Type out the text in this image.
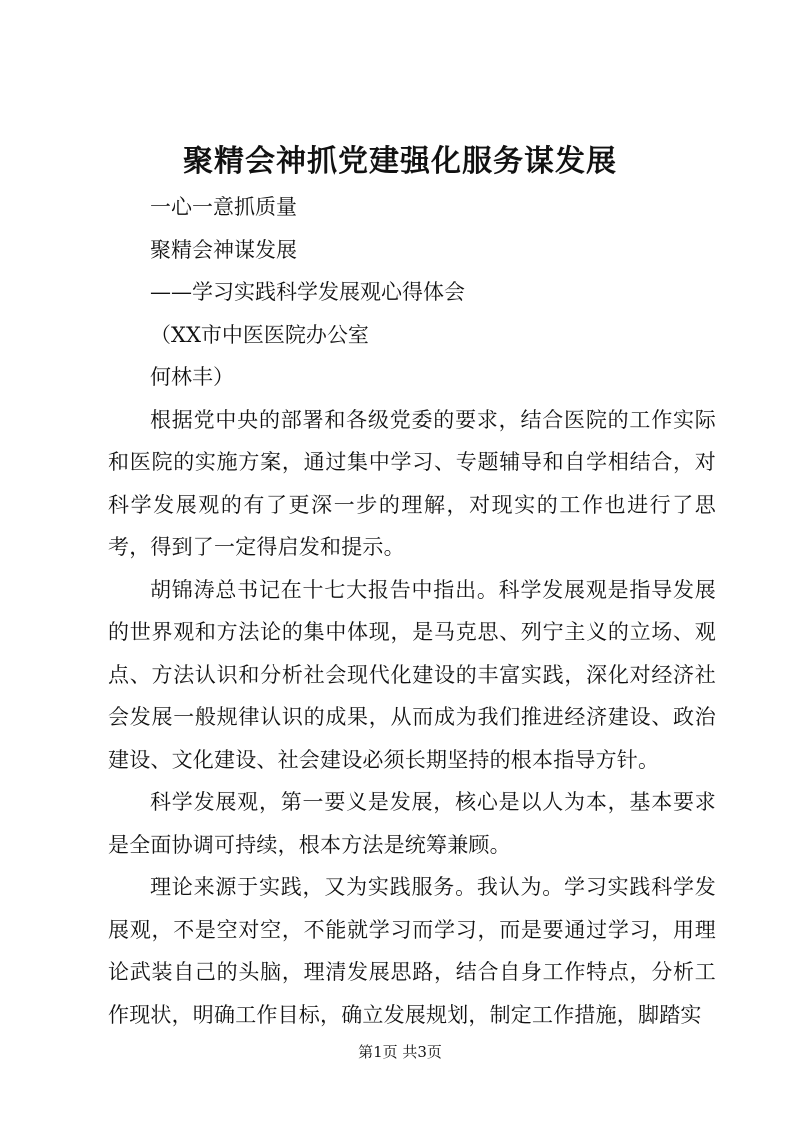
聚精会神抓党建强化服务谋发展

一心一意抓质量

聚精会神谋发展

——学习实践科学发展观心得体会

（XX市中医医院办公室

何林丰）

根据党中央的部署和各级党委的要求，结合医院的工作实际和医院的实施方案，通过集中学习、专题辅导和自学相结合，对科学发展观的有了更深一步的理解，对现实的工作也进行了思考，得到了一定得启发和提示。

胡锦涛总书记在十七大报告中指出。科学发展观是指导发展的世界观和方法论的集中体现，是马克思、列宁主义的立场、观点、方法认识和分析社会现代化建设的丰富实践，深化对经济社会发展一般规律认识的成果，从而成为我们推进经济建设、政治建设、文化建设、社会建设必须长期坚持的根本指导方针。

科学发展观，第一要义是发展，核心是以人为本，基本要求是全面协调可持续，根本方法是统筹兼顾。

理论来源于实践，又为实践服务。我认为。学习实践科学发展观，不是空对空，不能就学习而学习，而是要通过学习，用理论武装自己的头脑，理清发展思路，结合自身工作特点，分析工作现状，明确工作目标，确立发展规划，制定工作措施，脚踏实

第1页 共3页
